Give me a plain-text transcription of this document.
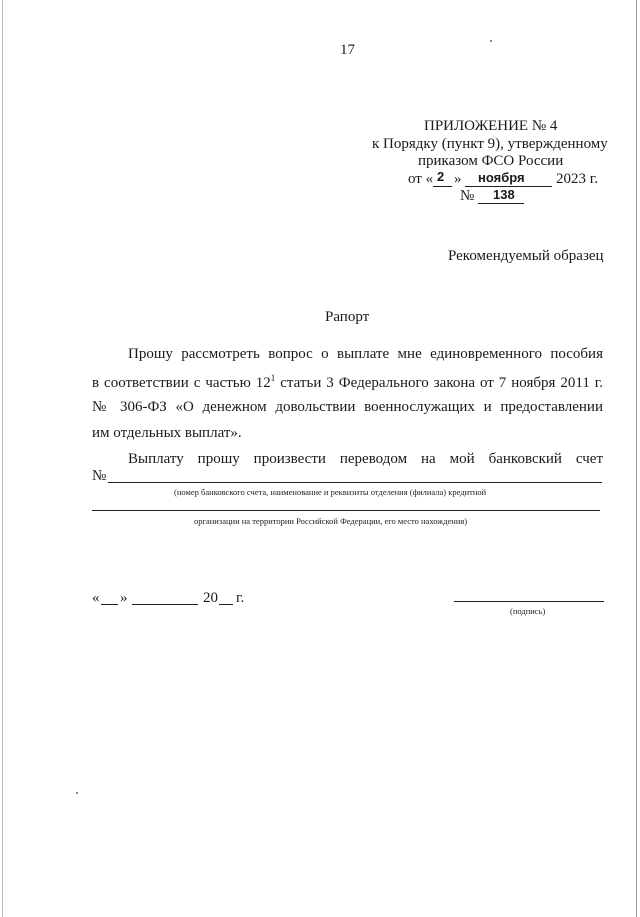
17
ПРИЛОЖЕНИЕ № 4
к Порядку (пункт 9), утвержденному
приказом ФСО России
от « 2 » ноября 2023 г.
№ 138
Рекомендуемый образец
Рапорт
Прошу рассмотреть вопрос о выплате мне единовременного пособия
в соответствии с частью $12^1$ статьи 3 Федерального закона от 7 ноября 2011 г.
№ 306-ФЗ «О денежном довольствии военнослужащих и предоставлении
им отдельных выплат».
Выплату прошу произвести переводом на мой банковский счет
№
(номер банковского счета, наименование и реквизиты отделения (филиала) кредитной
организации на территории Российской Федерации, его место нахождения)
« »	20 г.
(подпись)
